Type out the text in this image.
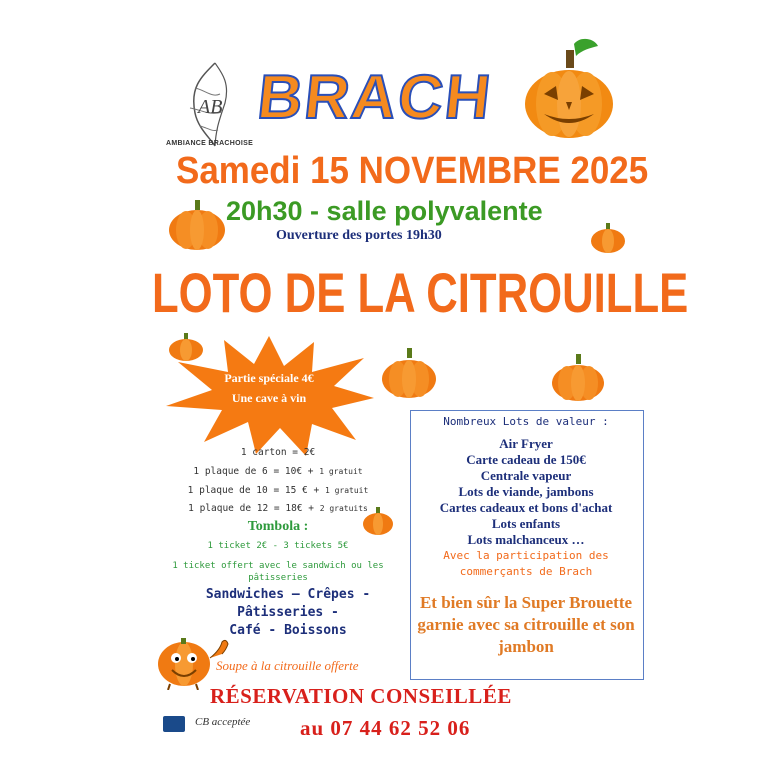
AB
AMBIANCE BRACHOISE
BRACH
Samedi 15 NOVEMBRE 2025
20h30 - salle polyvalente
Ouverture des portes 19h30
LOTO DE LA CITROUILLE
Partie spéciale 4€
Une cave à vin
1 carton = 2€
1 plaque de 6 = 10€ + 1 gratuit
1 plaque de 10 = 15 € + 1 gratuit
1 plaque de 12 = 18€ + 2 gratuits
Tombola :
1 ticket 2€ - 3 tickets 5€
1 ticket offert avec le sandwich ou les pâtisseries
Sandwiches – Crêpes -
Pâtisseries -
Café - Boissons
Soupe à la citrouille offerte
Nombreux Lots de valeur :
Air Fryer
Carte cadeau de 150€
Centrale vapeur
Lots de viande, jambons
Cartes cadeaux et bons d'achat
Lots enfants
Lots malchanceux …
Avec la participation des commerçants de Brach
Et bien sûr la Super Brouette garnie avec sa citrouille et son jambon
RÉSERVATION CONSEILLÉE
CB acceptée au 07 44 62 52 06
